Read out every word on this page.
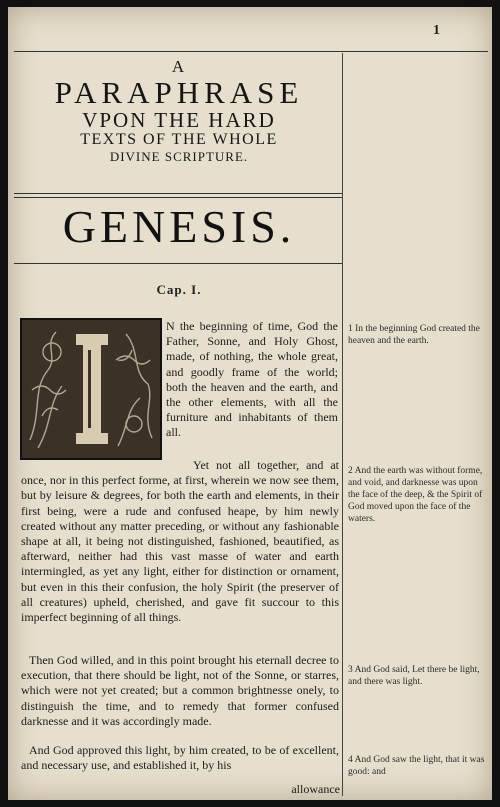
1
A
PARAPHRASE
VPON THE HARD
TEXTS OF THE WHOLE
DIVINE SCRIPTURE.
GENESIS.
Cap. I.
N the beginning of time, God the Father, Sonne, and Holy Ghost, made, of nothing, the whole great, and goodly frame of the world; both the heaven and the earth, and the other elements, with all the furniture and inhabitants of them all.
Yet not all together, and at once, nor in this perfect forme, at first, wherein we now see them, but by leisure & degrees, for both the earth and elements, in their first being, were a rude and confused heape, by him newly created without any matter preceding, or without any fashionable shape at all, it being not distinguished, fashioned, beautified, as afterward, neither had this vast masse of water and earth intermingled, as yet any light, either for distinction or ornament, but even in this their confusion, the holy Spirit (the preserver of all creatures) upheld, cherished, and gave fit succour to this imperfect beginning of all things.
Then God willed, and in this point brought his eternall decree to execution, that there should be light, not of the Sonne, or starres, which were not yet created; but a common brightnesse onely, to distinguish the time, and to remedy that former confused darknesse and it was accordingly made.
And God approved this light, by him created, to be of excellent, and necessary use, and established it, by his
allowance
1 In the beginning God created the heaven and the earth.
2 And the earth was without forme, and void, and darknesse was upon the face of the deep, & the Spirit of God moved upon the face of the waters.
3 And God said, Let there be light, and there was light.
4 And God saw the light, that it was good: and
